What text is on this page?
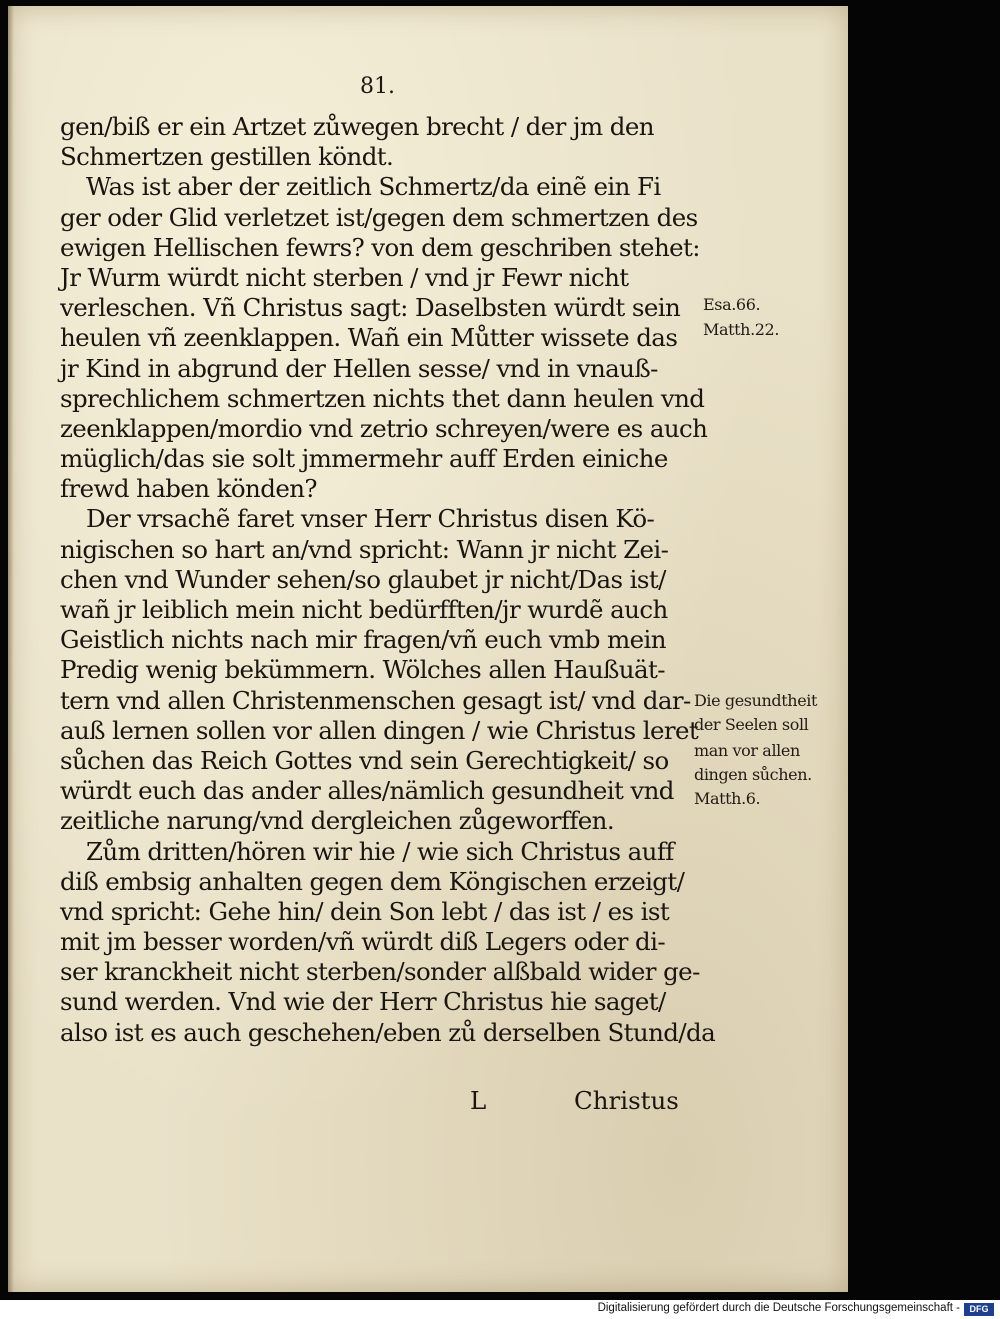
81.
gen/biß er ein Artzet zůwegen brecht / der jm den
Schmertzen gestillen köndt.
Was ist aber der zeitlich Schmertz/da einẽ ein Fi
ger oder Glid verletzet ist/gegen dem schmertzen des
ewigen Hellischen fewrs? von dem geschriben stehet:
Jr Wurm würdt nicht sterben / vnd jr Fewr nicht
verleschen. Vñ Christus sagt: Daselbsten würdt sein
heulen vñ zeenklappen. Wañ ein Můtter wissete das
jr Kind in abgrund der Hellen sesse/ vnd in vnauß-
sprechlichem schmertzen nichts thet dann heulen vnd
zeenklappen/mordio vnd zetrio schreyen/were es auch
müglich/das sie solt jmmermehr auff Erden einiche
frewd haben könden?
Der vrsachẽ faret vnser Herr Christus disen Kö-
nigischen so hart an/vnd spricht: Wann jr nicht Zei-
chen vnd Wunder sehen/so glaubet jr nicht/Das ist/
wañ jr leiblich mein nicht bedürfften/jr wurdẽ auch
Geistlich nichts nach mir fragen/vñ euch vmb mein
Predig wenig bekümmern. Wölches allen Haußuät-
tern vnd allen Christenmenschen gesagt ist/ vnd dar-
auß lernen sollen vor allen dingen / wie Christus leret
sůchen das Reich Gottes vnd sein Gerechtigkeit/ so
würdt euch das ander alles/nämlich gesundheit vnd
zeitliche narung/vnd dergleichen zůgeworffen.
Zům dritten/hören wir hie / wie sich Christus auff
diß embsig anhalten gegen dem Köngischen erzeigt/
vnd spricht: Gehe hin/ dein Son lebt / das ist / es ist
mit jm besser worden/vñ würdt diß Legers oder di-
ser kranckheit nicht sterben/sonder alßbald wider ge-
sund werden. Vnd wie der Herr Christus hie saget/
also ist es auch geschehen/eben zů derselben Stund/da
L	Christus
Esa.66.
Matth.22.
Die gesundtheit
der Seelen soll
man vor allen
dingen sůchen.
Matth.6.
Digitalisierung gefördert durch die Deutsche Forschungsgemeinschaft -	DFG
